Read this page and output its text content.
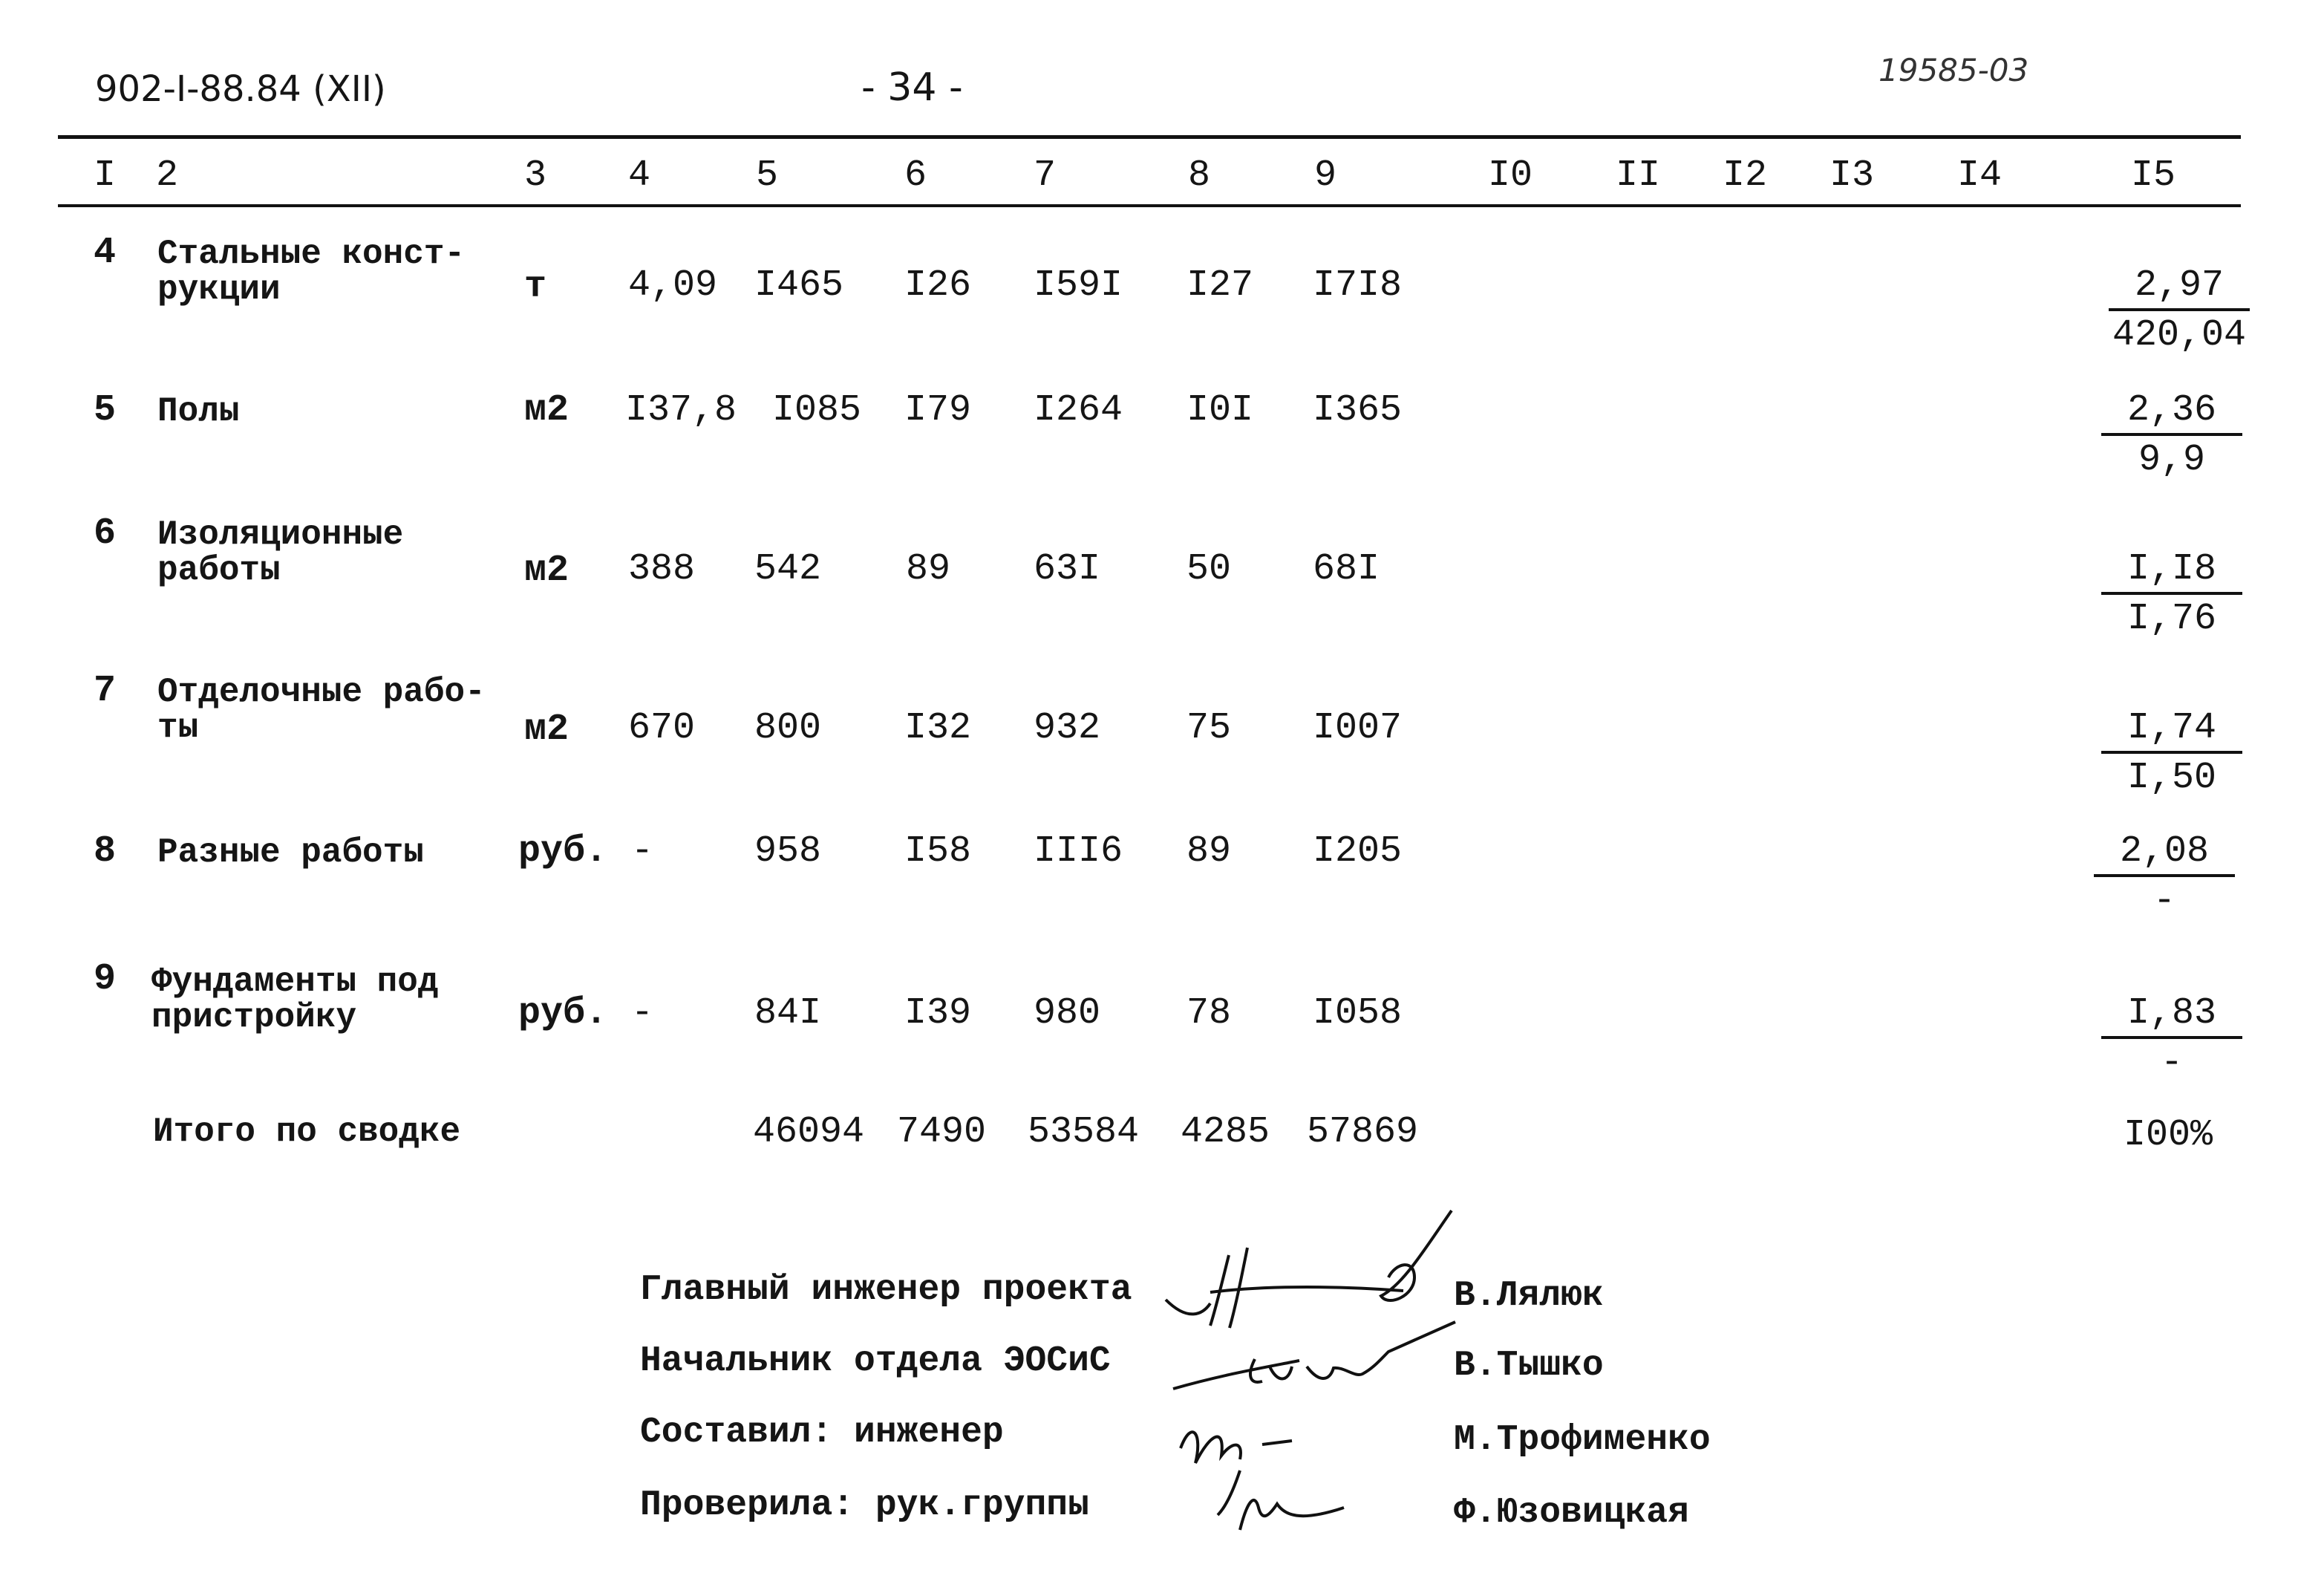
902-I-88.84 (XII)	- 34 -	19585-03
I 2	3 4	5	6	7	8	9	I0 II I2 I3 I4	I5
4 Стальные конст-
рукции	т 4,09 I465 I26 I59I I27 I7I8	2,97
420,04
5 Полы	м2 I37,8 I085 I79 I264 I0I I365	2,36
9,9
6 Изоляционные
работы	м2 388 542 89 63I 50 68I	I,I8
I,76
7 Отделочные рабо-
ты	м2 670 800 I32 932 75 I007	I,74
I,50
8 Разные работы	руб. -	958 I58 III6 89 I205	2,08
-
9 Фундаменты под
пристройку	руб. -	84I I39 980 78 I058	I,83
-
Итого по сводке	46094 7490 53584 4285 57869	I00%
Главный инженер проекта	В.Лялюк
Начальник отдела ЭОСиС	В.Тышко
Составил: инженер	М.Трофименко
Проверила: рук.группы	Ф.Юзовицкая
